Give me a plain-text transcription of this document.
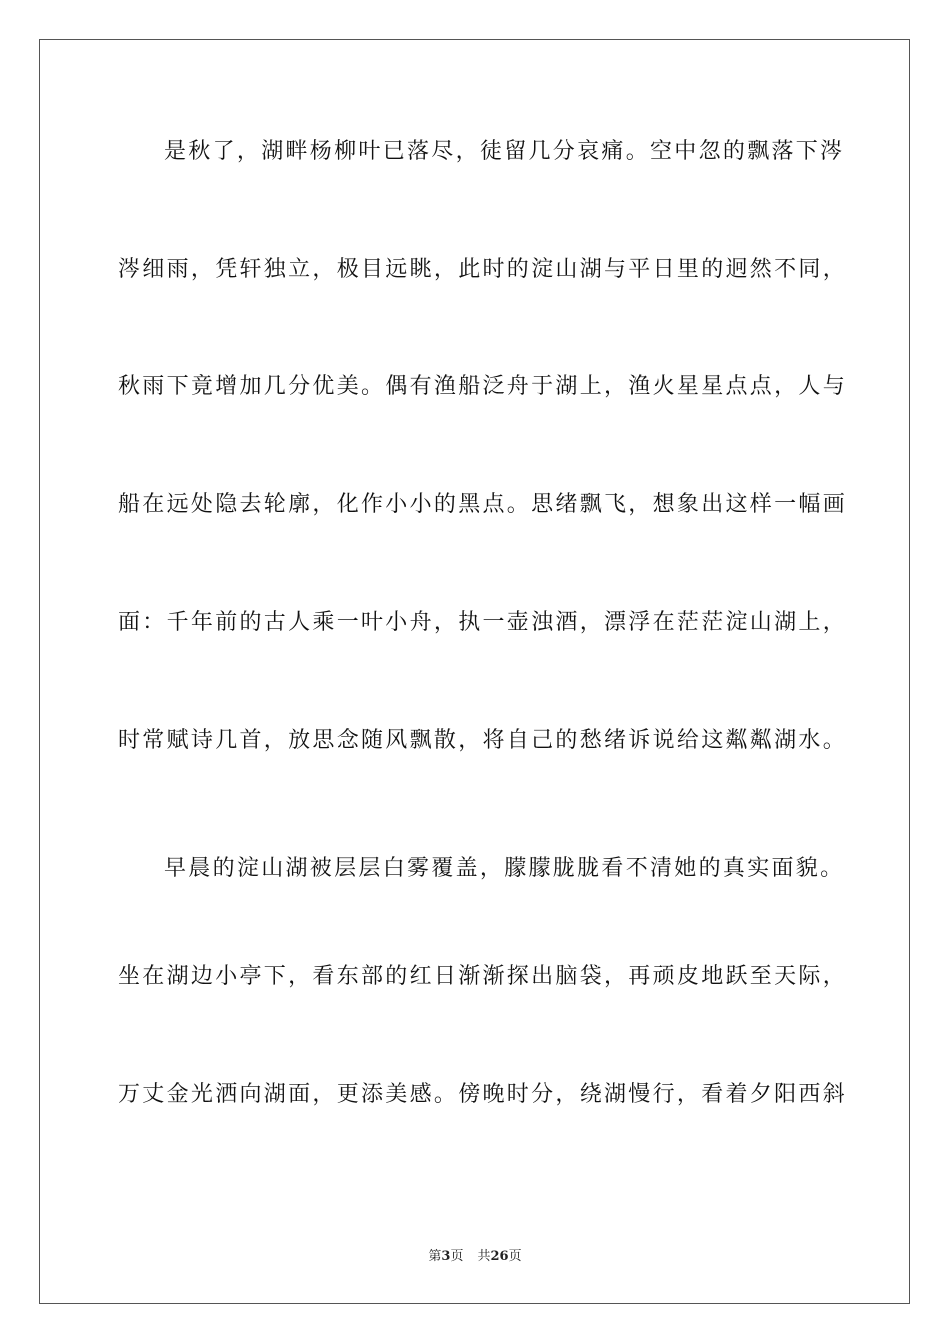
是秋了，湖畔杨柳叶已落尽，徒留几分哀痛。空中忽的飘落下涔
涔细雨，凭轩独立，极目远眺，此时的淀山湖与平日里的迥然不同，
秋雨下竟增加几分优美。偶有渔船泛舟于湖上，渔火星星点点，人与
船在远处隐去轮廓，化作小小的黑点。思绪飘飞，想象出这样一幅画
面：千年前的古人乘一叶小舟，执一壶浊酒，漂浮在茫茫淀山湖上，
时常赋诗几首，放思念随风飘散，将自己的愁绪诉说给这粼粼湖水。
早晨的淀山湖被层层白雾覆盖，朦朦胧胧看不清她的真实面貌。
坐在湖边小亭下，看东部的红日渐渐探出脑袋，再顽皮地跃至天际，
万丈金光洒向湖面，更添美感。傍晚时分，绕湖慢行，看着夕阳西斜
第3页 共26页
